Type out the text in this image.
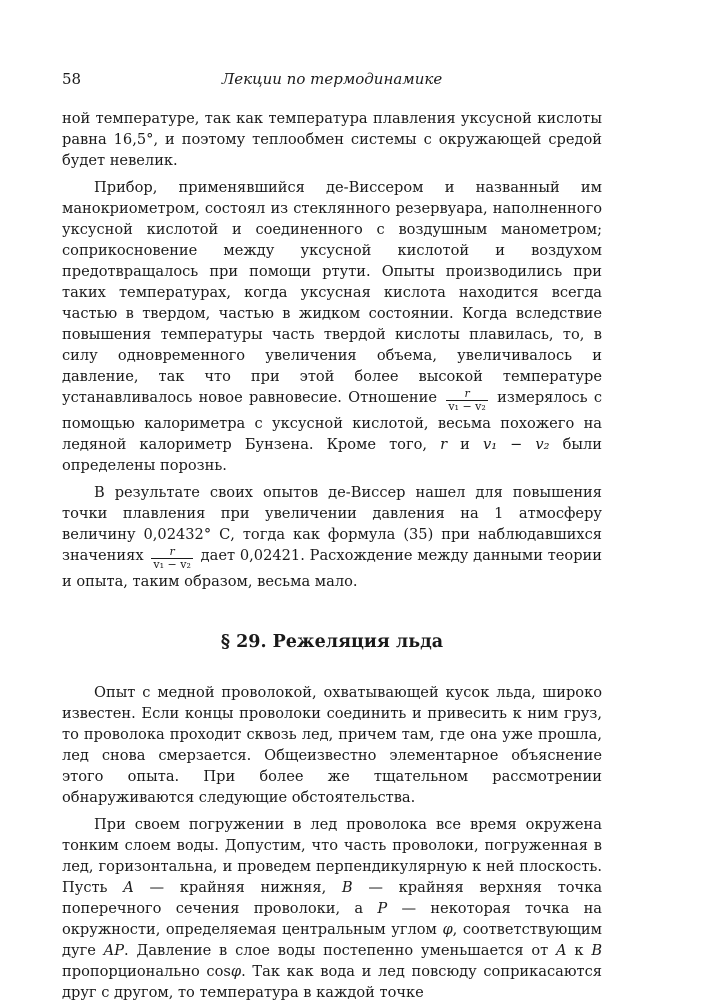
58	Лекции по термодинамике

ной температуре, так как температура плавления уксусной кислоты равна 16,5°, и поэтому теплообмен системы с окружающей средой будет невелик.

Прибор, применявшийся де-Виссером и названный им манокриометром, состоял из стеклянного резервуара, наполненного уксусной кислотой и соединенного с воздушным манометром; соприкосновение между уксусной кислотой и воздухом предотвращалось при помощи ртути. Опыты производились при таких температурах, когда уксусная кислота находится всегда частью в твердом, частью в жидком состоянии. Когда вследствие повышения температуры часть твердой кислоты плавилась, то, в силу одновременного увеличения объема, увеличивалось и давление, так что при этой более высокой температуре устанавливалось новое равновесие. Отношение $\frac{r}{\text{v₁ − v₂}}$ измерялось с помощью калориметра с уксусной кислотой, весьма похожего на ледяной калориметр Бунзена. Кроме того, r и v₁ − v₂ были определены порознь.

В результате своих опытов де-Виссер нашел для повышения точки плавления при увеличении давления на 1 атмосферу величину 0,02432° С, тогда как формула (35) при наблюдавшихся значениях $\frac{r}{\text{v₁ − v₂}}$ дает 0,02421. Расхождение между данными теории и опыта, таким образом, весьма мало.

§ 29. Режеляция льда

Опыт с медной проволокой, охватывающей кусок льда, широко известен. Если концы проволоки соединить и привесить к ним груз, то проволока проходит сквозь лед, причем там, где она уже прошла, лед снова смерзается. Общеизвестно элементарное объяснение этого опыта. При более же тщательном рассмотрении обнаруживаются следующие обстоятельства.

При своем погружении в лед проволока все время окружена тонким слоем воды. Допустим, что часть проволоки, погруженная в лед, горизонтальна, и проведем перпендикулярную к ней плоскость. Пусть A — крайняя нижняя, B — крайняя верхняя точка поперечного сечения проволоки, а P — некоторая точка на окружности, определяемая центральным углом φ, соответствующим дуге AP. Давление в слое воды постепенно уменьшается от A к B пропорционально cosφ. Так как вода и лед повсюду соприкасаются друг с другом, то температура в каждой точке
